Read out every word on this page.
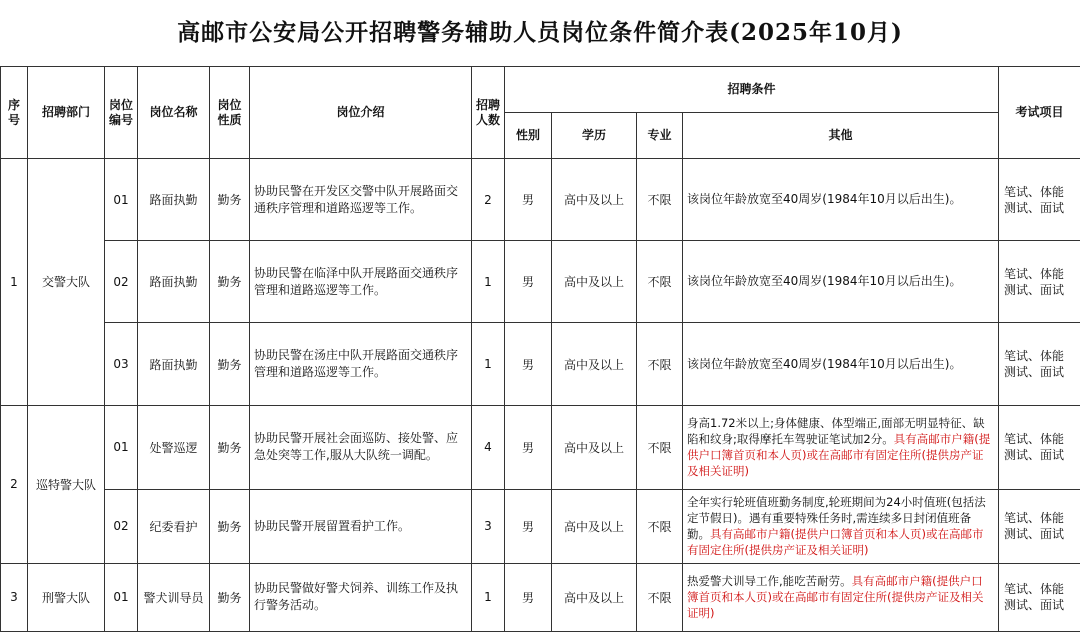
高邮市公安局公开招聘警务辅助人员岗位条件简介表(2025年10月)
序号	招聘部门	岗位编号	岗位名称	岗位性质	岗位介绍	招聘人数	招聘条件				考试项目
							性别	学历	专业	其他	
1	交警大队	01	路面执勤	勤务	协助民警在开发区交警中队开展路面交通秩序管理和道路巡逻等工作。	2	男	高中及以上	不限	该岗位年龄放宽至40周岁(1984年10月以后出生)。	笔试、体能测试、面试
		02	路面执勤	勤务	协助民警在临泽中队开展路面交通秩序管理和道路巡逻等工作。	1	男	高中及以上	不限	该岗位年龄放宽至40周岁(1984年10月以后出生)。	笔试、体能测试、面试
		03	路面执勤	勤务	协助民警在汤庄中队开展路面交通秩序管理和道路巡逻等工作。	1	男	高中及以上	不限	该岗位年龄放宽至40周岁(1984年10月以后出生)。	笔试、体能测试、面试
2	巡特警大队	01	处警巡逻	勤务	协助民警开展社会面巡防、接处警、应急处突等工作,服从大队统一调配。	4	男	高中及以上	不限	身高1.72米以上;身体健康、体型端正,面部无明显特征、缺陷和纹身;取得摩托车驾驶证笔试加2分。具有高邮市户籍(提供户口簿首页和本人页)或在高邮市有固定住所(提供房产证及相关证明)	笔试、体能测试、面试
		02	纪委看护	勤务	协助民警开展留置看护工作。	3	男	高中及以上	不限	全年实行轮班值班勤务制度,轮班期间为24小时值班(包括法定节假日)。遇有重要特殊任务时,需连续多日封闭值班备勤。具有高邮市户籍(提供户口簿首页和本人页)或在高邮市有固定住所(提供房产证及相关证明)	笔试、体能测试、面试
3	刑警大队	01	警犬训导员	勤务	协助民警做好警犬饲养、训练工作及执行警务活动。	1	男	高中及以上	不限	热爱警犬训导工作,能吃苦耐劳。具有高邮市户籍(提供户口簿首页和本人页)或在高邮市有固定住所(提供房产证及相关证明)	笔试、体能测试、面试
